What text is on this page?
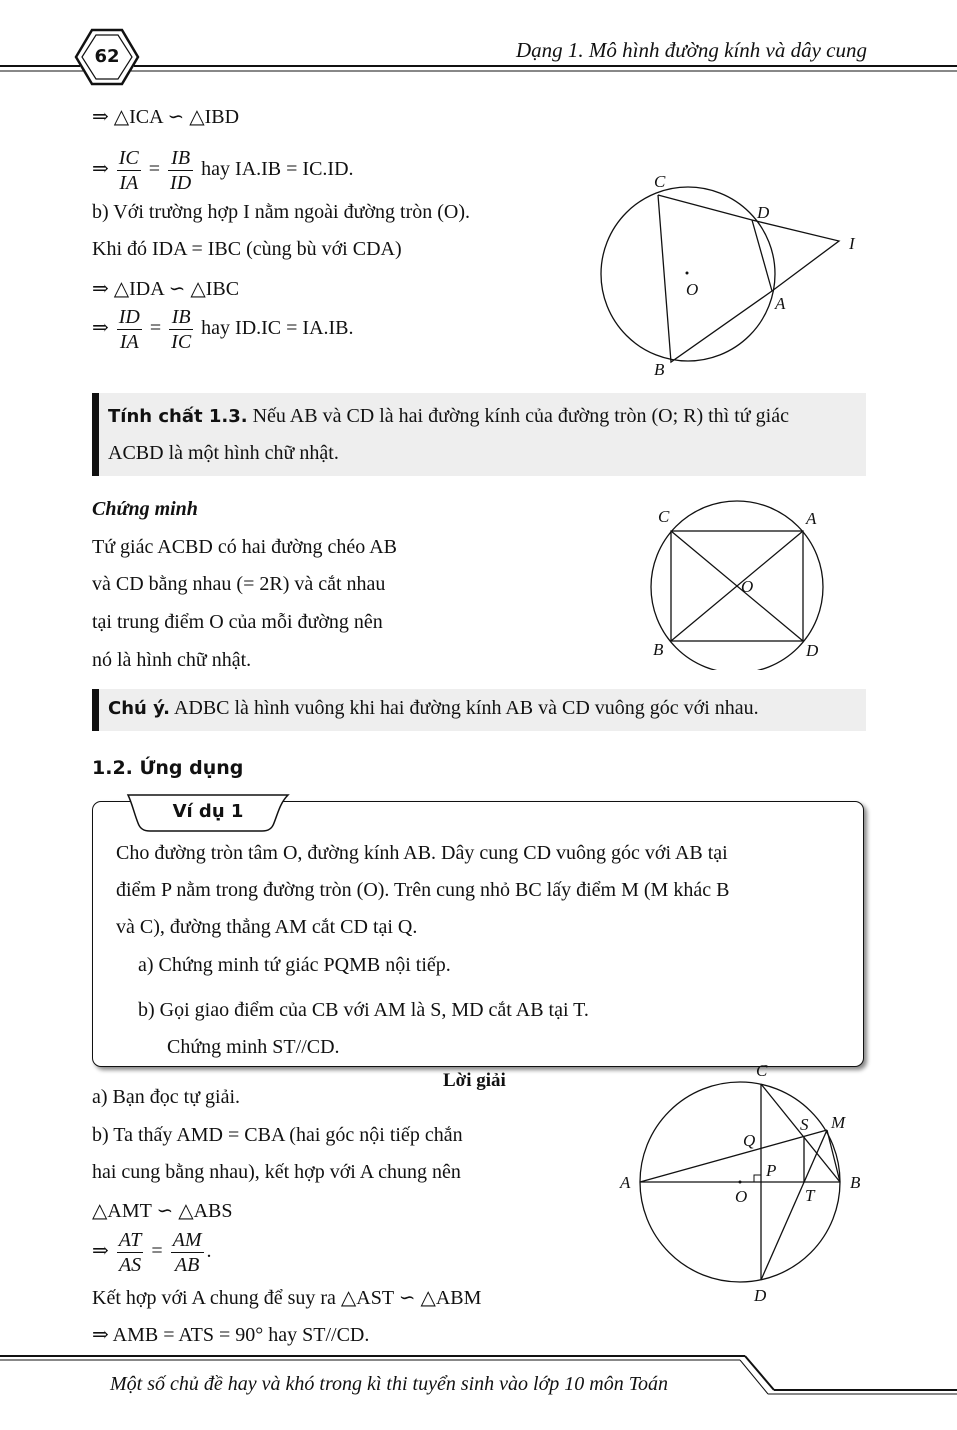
62	Dạng 1. Mô hình đường kính và dây cung
⇒ △ICA ∽ △IBD
⇒ $\frac{IC}{IA} = \frac{IB}{ID}$ hay IA.IB = IC.ID.
b) Với trường hợp I nằm ngoài đường tròn (O).
Khi đó IDA = IBC (cùng bù với CDA)
⇒ △IDA ∽ △IBC
⇒ $\frac{ID}{IA} = \frac{IB}{IC}$ hay ID.IC = IA.IB.
C
D
I
O
A
B
Tính chất 1.3. Nếu AB và CD là hai đường kính của đường tròn (O; R) thì tứ giác
ACBD là một hình chữ nhật.
Chứng minh
Tứ giác ACBD có hai đường chéo AB
và CD bằng nhau (= 2R) và cắt nhau
tại trung điểm O của mỗi đường nên
nó là hình chữ nhật.
C	A
O
B	D
Chú ý. ADBC là hình vuông khi hai đường kính AB và CD vuông góc với nhau.
1.2. Ứng dụng
Ví dụ 1
Cho đường tròn tâm O, đường kính AB. Dây cung CD vuông góc với AB tại
điểm P nằm trong đường tròn (O). Trên cung nhỏ BC lấy điểm M (M khác B
và C), đường thẳng AM cắt CD tại Q.
a) Chứng minh tứ giác PQMB nội tiếp.
b) Gọi giao điểm của CB với AM là S, MD cắt AB tại T.
Chứng minh ST//CD.
Lời giải
a) Bạn đọc tự giải.
b) Ta thấy AMD = CBA (hai góc nội tiếp chắn
hai cung bằng nhau), kết hợp với A chung nên
△AMT ∽ △ABS
⇒ $\frac{AT}{AS} = \frac{AM}{AB}$ .
Kết hợp với A chung để suy ra △AST ∽ △ABM
⇒ AMB = ATS = 90° hay ST//CD.
C
S M
Q
P
A	B
O	T
D
Một số chủ đề hay và khó trong kì thi tuyển sinh vào lớp 10 môn Toán
